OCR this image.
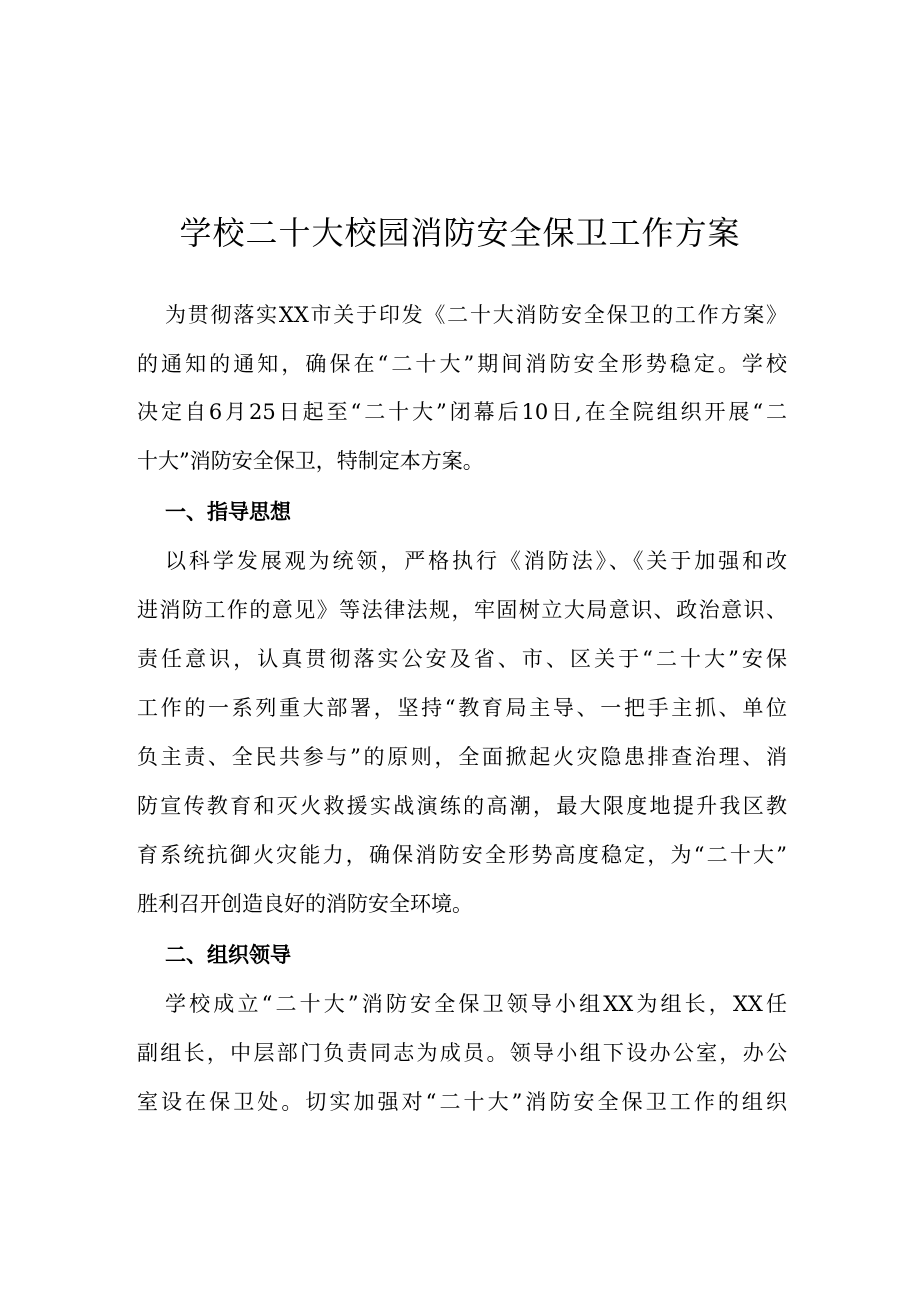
学校二十大校园消防安全保卫工作方案

为贯彻落实XX市关于印发《二十大消防安全保卫的工作方案》

的通知的通知，确保在“二十大”期间消防安全形势稳定。学校

决定自6月25日起至“二十大”闭幕后10日,在全院组织开展“二

十大”消防安全保卫，特制定本方案。

一、指导思想

以科学发展观为统领，严格执行《消防法》、《关于加强和改

进消防工作的意见》等法律法规，牢固树立大局意识、政治意识、

责任意识，认真贯彻落实公安及省、市、区关于“二十大”安保

工作的一系列重大部署，坚持“教育局主导、一把手主抓、单位

负主责、全民共参与”的原则，全面掀起火灾隐患排查治理、消

防宣传教育和灭火救援实战演练的高潮，最大限度地提升我区教

育系统抗御火灾能力，确保消防安全形势高度稳定，为“二十大”

胜利召开创造良好的消防安全环境。

二、组织领导

学校成立“二十大”消防安全保卫领导小组XX为组长，XX任

副组长，中层部门负责同志为成员。领导小组下设办公室，办公

室设在保卫处。切实加强对“二十大”消防安全保卫工作的组织
